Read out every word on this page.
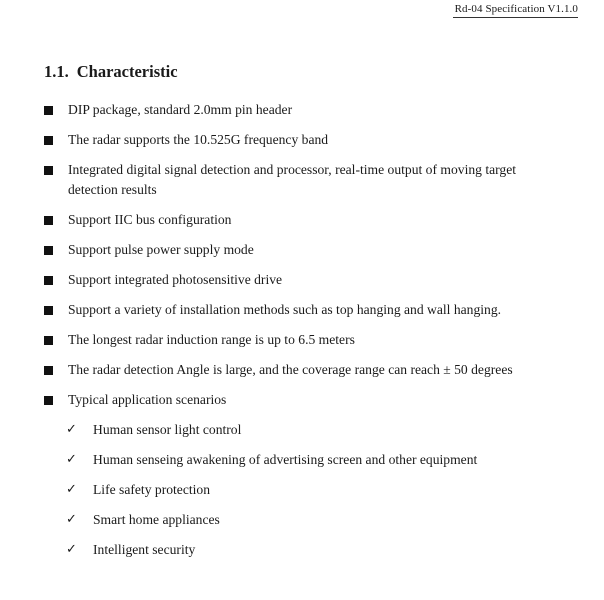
Rd-04 Specification V1.1.0
1.1. Characteristic
DIP package, standard 2.0mm pin header
The radar supports the 10.525G frequency band
Integrated digital signal detection and processor, real-time output of moving target detection results
Support IIC bus configuration
Support pulse power supply mode
Support integrated photosensitive drive
Support a variety of installation methods such as top hanging and wall hanging.
The longest radar induction range is up to 6.5 meters
The radar detection Angle is large, and the coverage range can reach ± 50 degrees
Typical application scenarios
✓ Human sensor light control
✓ Human senseing awakening of advertising screen and other equipment
✓ Life safety protection
✓ Smart home appliances
✓ Intelligent security
